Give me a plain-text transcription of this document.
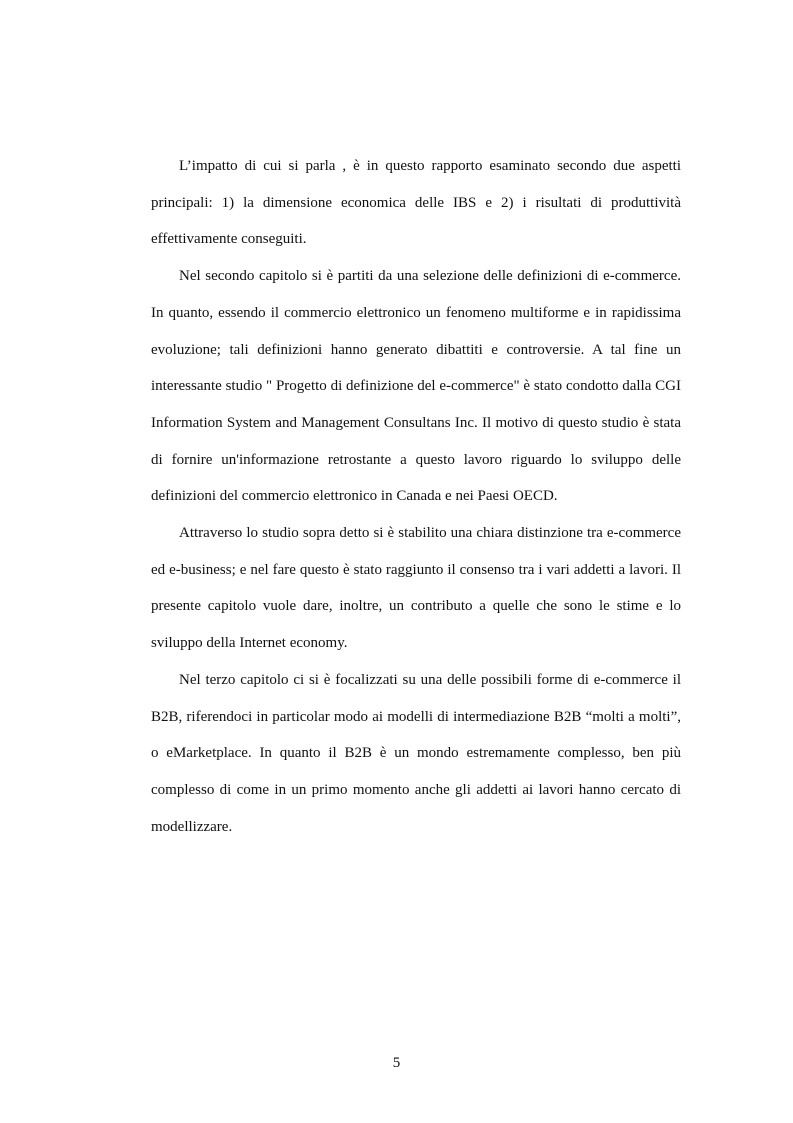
L’impatto di cui si parla , è in questo rapporto esaminato secondo due aspetti principali: 1) la dimensione economica delle IBS e 2) i risultati di produttività effettivamente conseguiti.

Nel secondo capitolo si è partiti da una selezione delle definizioni di e-commerce. In quanto, essendo il commercio elettronico un fenomeno multiforme e in rapidissima evoluzione; tali definizioni hanno generato dibattiti e controversie. A tal fine un interessante studio " Progetto di definizione del e-commerce" è stato condotto dalla CGI Information System and Management Consultans Inc. Il motivo di questo studio è stata di fornire un'informazione retrostante a questo lavoro riguardo lo sviluppo delle definizioni del commercio elettronico in Canada e nei Paesi OECD.

Attraverso lo studio sopra detto si è stabilito una chiara distinzione tra e-commerce ed e-business; e nel fare questo è stato raggiunto il consenso tra i vari addetti a lavori. Il presente capitolo vuole dare, inoltre, un contributo a quelle che sono le stime e lo sviluppo della Internet economy.

Nel terzo capitolo ci si è focalizzati su una delle possibili forme di e-commerce il B2B, riferendoci in particolar modo ai modelli di intermediazione B2B “molti a molti”, o eMarketplace. In quanto il B2B è un mondo estremamente complesso, ben più complesso di come in un primo momento anche gli addetti ai lavori hanno cercato di modellizzare.

5
